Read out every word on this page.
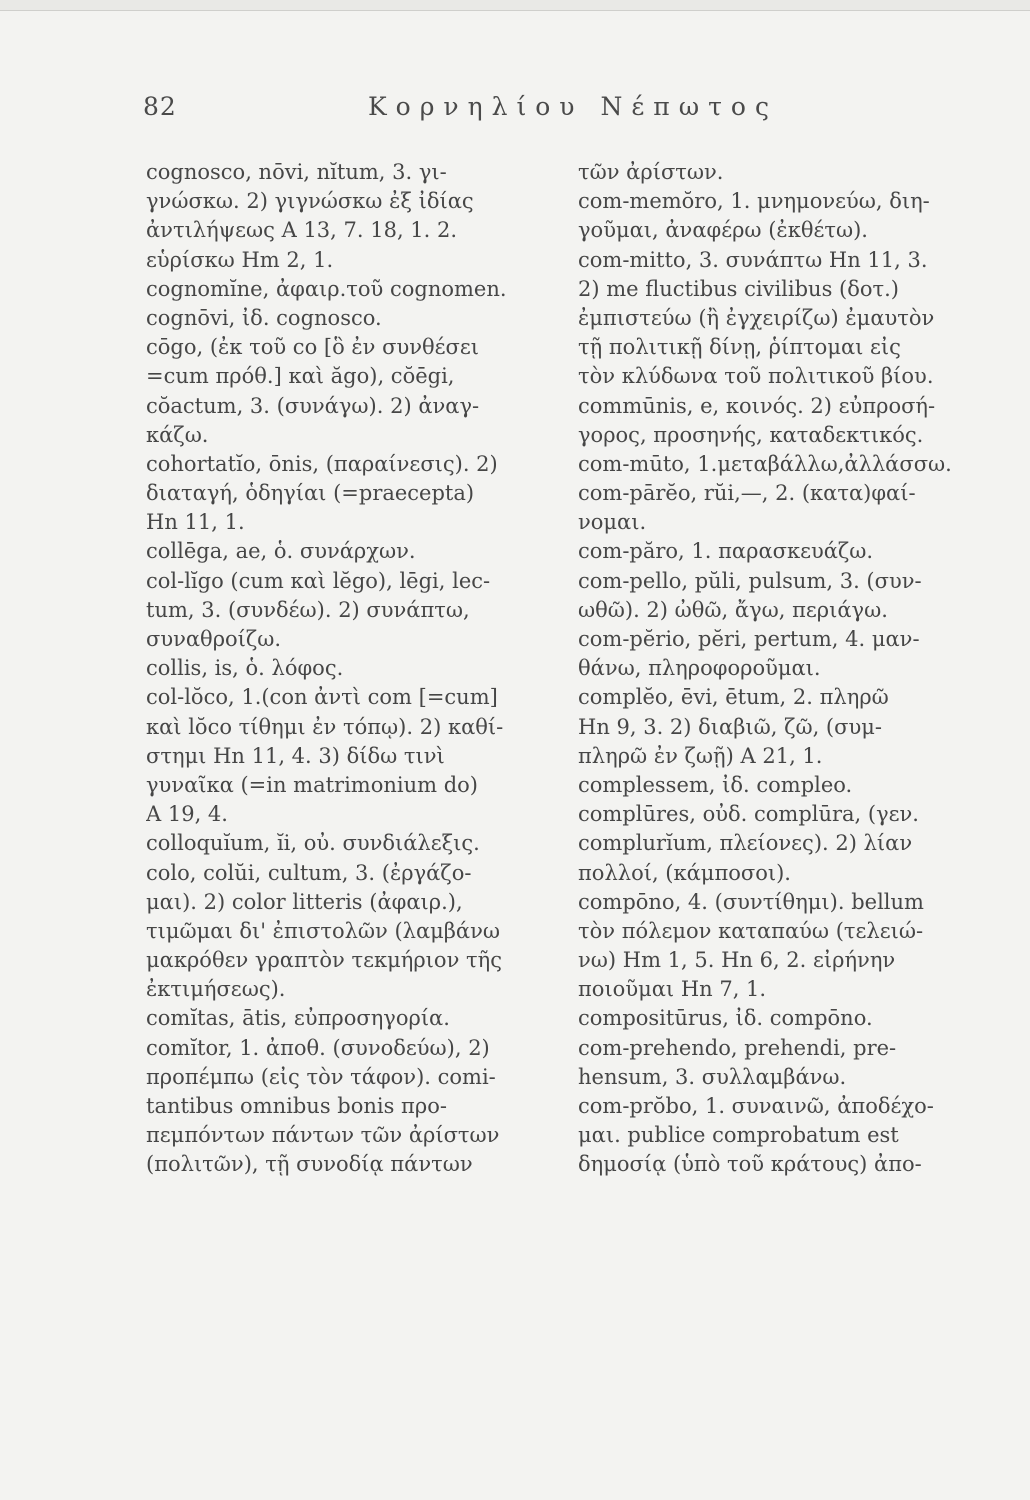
82	Κορνηλίου Νέπωτος
cognosco, nōvi, nĭtum, 3. γι-
γνώσκω. 2) γιγνώσκω ἐξ ἰδίας
ἀντιλήψεως Α 13, 7. 18, 1. 2.
εὑρίσκω Hm 2, 1.
cognomĭne, ἀφαιρ.τοῦ cognomen.
cognōvi, ἰδ. cognosco.
cōgo, (ἐκ τοῦ co [ὃ ἐν συνθέσει
=cum πρόθ.] καὶ ăgo), cŏēgi,
cŏactum, 3. (συνάγω). 2) ἀναγ-
κάζω.
cohortatĭo, ōnis, (παραίνεσις). 2)
διαταγή, ὁδηγίαι (=praecepta)
Hn 11, 1.
collēga, ae, ὁ. συνάρχων.
col-lĭgo (cum καὶ lĕgo), lēgi, lec-
tum, 3. (συνδέω). 2) συνάπτω,
συναθροίζω.
collis, is, ὁ. λόφος.
col-lŏco, 1.(con ἀντὶ com [=cum]
καὶ lŏco τίθημι ἐν τόπῳ). 2) καθί-
στημι Hn 11, 4. 3) δίδω τινὶ
γυναῖκα (=in matrimonium do)
Α 19, 4.
colloquĭum, ĭi, οὐ. συνδιάλεξις.
colo, colŭi, cultum, 3. (ἐργάζο-
μαι). 2) color litteris (ἀφαιρ.),
τιμῶμαι δι' ἐπιστολῶν (λαμβάνω
μακρόθεν γραπτὸν τεκμήριον τῆς
ἐκτιμήσεως).
comĭtas, ātis, εὐπροσηγορία.
comĭtor, 1. ἀποθ. (συνοδεύω), 2)
προπέμπω (εἰς τὸν τάφον). comi-
tantibus omnibus bonis προ-
πεμπόντων πάντων τῶν ἀρίστων
(πολιτῶν), τῇ συνοδίᾳ πάντων
τῶν ἀρίστων.
com-memŏro, 1. μνημονεύω, διη-
γοῦμαι, ἀναφέρω (ἐκθέτω).
com-mitto, 3. συνάπτω Hn 11, 3.
2) me fluctibus civilibus (δοτ.)
ἐμπιστεύω (ἢ ἐγχειρίζω) ἐμαυτὸν
τῇ πολιτικῇ δίνῃ, ῥίπτομαι εἰς
τὸν κλύδωνα τοῦ πολιτικοῦ βίου.
commūnis, e, κοινός. 2) εὐπροσή-
γορος, προσηνής, καταδεκτικός.
com-mūto, 1.μεταβάλλω,ἀλλάσσω.
com-pārĕo, rŭi,—, 2. (κατα)φαί-
νομαι.
com-păro, 1. παρασκευάζω.
com-pello, pŭli, pulsum, 3. (συν-
ωθῶ). 2) ὠθῶ, ἄγω, περιάγω.
com-pĕrio, pĕri, pertum, 4. μαν-
θάνω, πληροφοροῦμαι.
complĕo, ēvi, ētum, 2. πληρῶ
Hn 9, 3. 2) διαβιῶ, ζῶ, (συμ-
πληρῶ ἐν ζωῇ) Α 21, 1.
complessem, ἰδ. compleo.
complūres, οὐδ. complūra, (γεν.
complurĭum, πλείονες). 2) λίαν
πολλοί, (κάμποσοι).
compōno, 4. (συντίθημι). bellum
τὸν πόλεμον καταπαύω (τελειώ-
νω) Hm 1, 5. Hn 6, 2. εἰρήνην
ποιοῦμαι Hn 7, 1.
compositūrus, ἰδ. compōno.
com-prehendo, prehendi, pre-
hensum, 3. συλλαμβάνω.
com-prŏbo, 1. συναινῶ, ἀποδέχο-
μαι. publice comprobatum est
δημοσίᾳ (ὑπὸ τοῦ κράτους) ἀπο-
